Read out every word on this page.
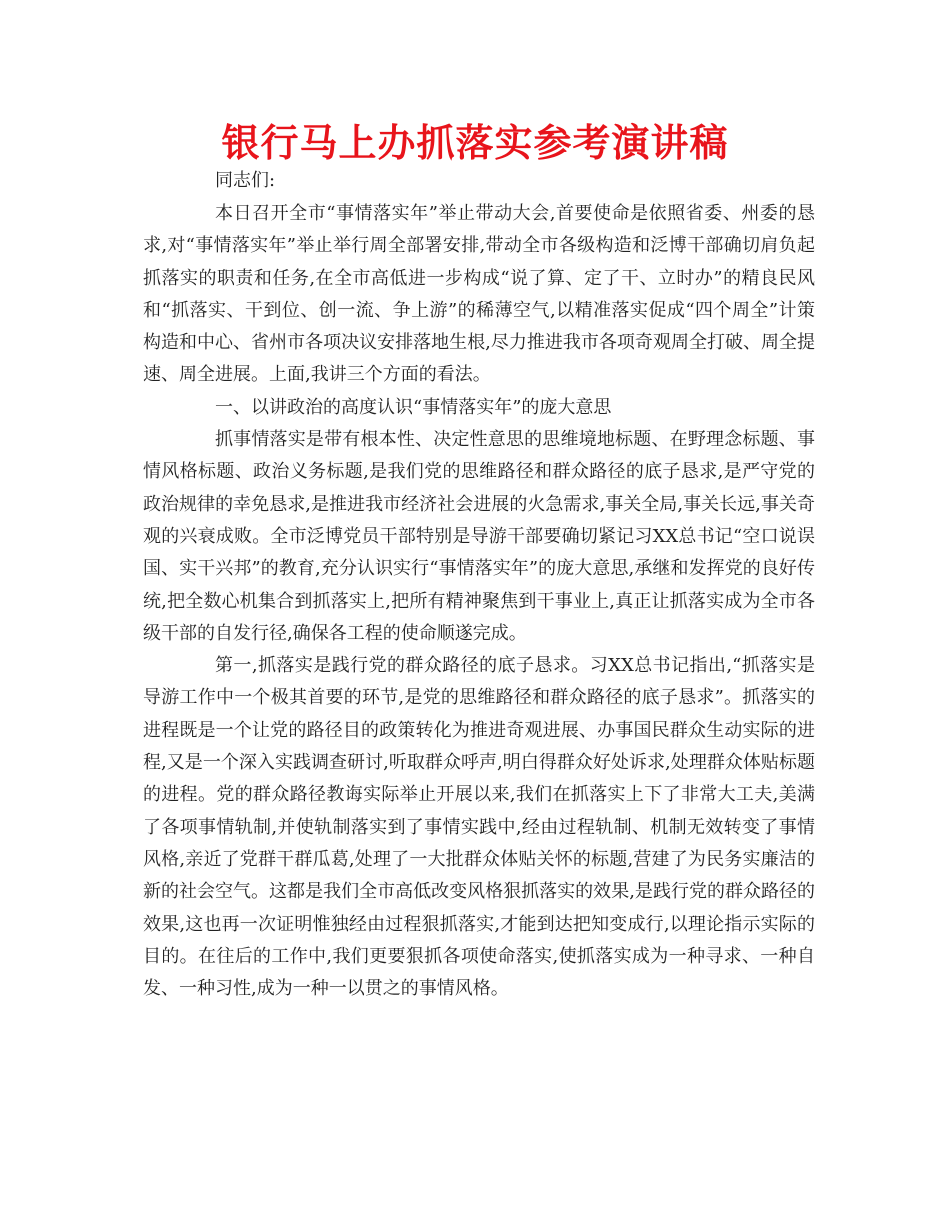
银行马上办抓落实参考演讲稿

同志们:

本日召开全市“事情落实年”举止带动大会,首要使命是依照省委、州委的恳求,对“事情落实年”举止举行周全部署安排,带动全市各级构造和泛博干部确切肩负起抓落实的职责和任务,在全市高低进一步构成“说了算、定了干、立时办”的精良民风和“抓落实、干到位、创一流、争上游”的稀薄空气,以精准落实促成“四个周全”计策构造和中心、省州市各项决议安排落地生根,尽力推进我市各项奇观周全打破、周全提速、周全进展。上面,我讲三个方面的看法。

一、以讲政治的高度认识“事情落实年”的庞大意思

抓事情落实是带有根本性、决定性意思的思维境地标题、在野理念标题、事情风格标题、政治义务标题,是我们党的思维路径和群众路径的底子恳求,是严守党的政治规律的幸免恳求,是推进我市经济社会进展的火急需求,事关全局,事关长远,事关奇观的兴衰成败。全市泛博党员干部特别是导游干部要确切紧记习XX总书记“空口说误国、实干兴邦”的教育,充分认识实行“事情落实年”的庞大意思,承继和发挥党的良好传统,把全数心机集合到抓落实上,把所有精神聚焦到干事业上,真正让抓落实成为全市各级干部的自发行径,确保各工程的使命顺遂完成。

第一,抓落实是践行党的群众路径的底子恳求。习XX总书记指出,“抓落实是导游工作中一个极其首要的环节,是党的思维路径和群众路径的底子恳求”。抓落实的进程既是一个让党的路径目的政策转化为推进奇观进展、办事国民群众生动实际的进程,又是一个深入实践调查研讨,听取群众呼声,明白得群众好处诉求,处理群众体贴标题的进程。党的群众路径教诲实际举止开展以来,我们在抓落实上下了非常大工夫,美满了各项事情轨制,并使轨制落实到了事情实践中,经由过程轨制、机制无效转变了事情风格,亲近了党群干群瓜葛,处理了一大批群众体贴关怀的标题,营建了为民务实廉洁的新的社会空气。这都是我们全市高低改变风格狠抓落实的效果,是践行党的群众路径的效果,这也再一次证明惟独经由过程狠抓落实,才能到达把知变成行,以理论指示实际的目的。在往后的工作中,我们更要狠抓各项使命落实,使抓落实成为一种寻求、一种自发、一种习性,成为一种一以贯之的事情风格。
